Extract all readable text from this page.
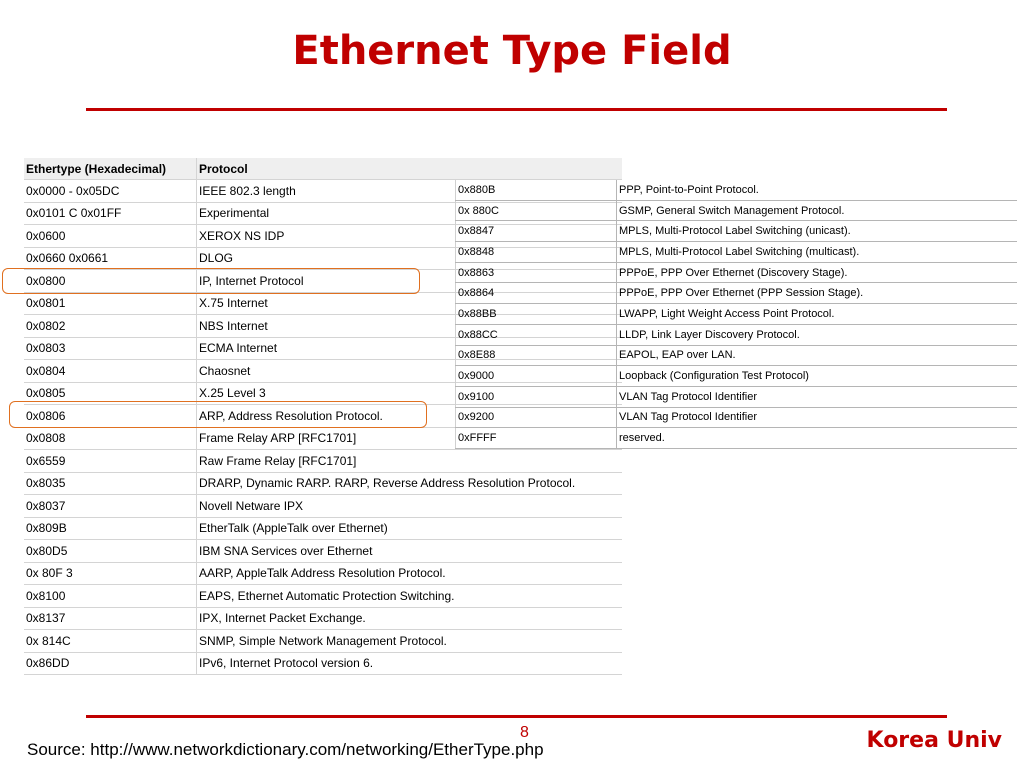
Ethernet Type Field
Ethertype (Hexadecimal)	Protocol
0x0000 - 0x05DC	IEEE 802.3 length
0x0101 C 0x01FF	Experimental
0x0600	XEROX NS IDP
0x0660 0x0661	DLOG
0x0800	IP, Internet Protocol
0x0801	X.75 Internet
0x0802	NBS Internet
0x0803	ECMA Internet
0x0804	Chaosnet
0x0805	X.25 Level 3
0x0806	ARP, Address Resolution Protocol.
0x0808	Frame Relay ARP [RFC1701]
0x6559	Raw Frame Relay [RFC1701]
0x8035	DRARP, Dynamic RARP. RARP, Reverse Address Resolution Protocol.
0x8037	Novell Netware IPX
0x809B	EtherTalk (AppleTalk over Ethernet)
0x80D5	IBM SNA Services over Ethernet
0x 80F 3	AARP, AppleTalk Address Resolution Protocol.
0x8100	EAPS, Ethernet Automatic Protection Switching.
0x8137	IPX, Internet Packet Exchange.
0x 814C	SNMP, Simple Network Management Protocol.
0x86DD	IPv6, Internet Protocol version 6.
0x880B	PPP, Point-to-Point Protocol.
0x 880C	GSMP, General Switch Management Protocol.
0x8847	MPLS, Multi-Protocol Label Switching (unicast).
0x8848	MPLS, Multi-Protocol Label Switching (multicast).
0x8863	PPPoE, PPP Over Ethernet (Discovery Stage).
0x8864	PPPoE, PPP Over Ethernet (PPP Session Stage).
0x88BB	LWAPP, Light Weight Access Point Protocol.
0x88CC	LLDP, Link Layer Discovery Protocol.
0x8E88	EAPOL, EAP over LAN.
0x9000	Loopback (Configuration Test Protocol)
0x9100	VLAN Tag Protocol Identifier
0x9200	VLAN Tag Protocol Identifier
0xFFFF	reserved.
8
Source: http://www.networkdictionary.com/networking/EtherType.php	Korea Univ
